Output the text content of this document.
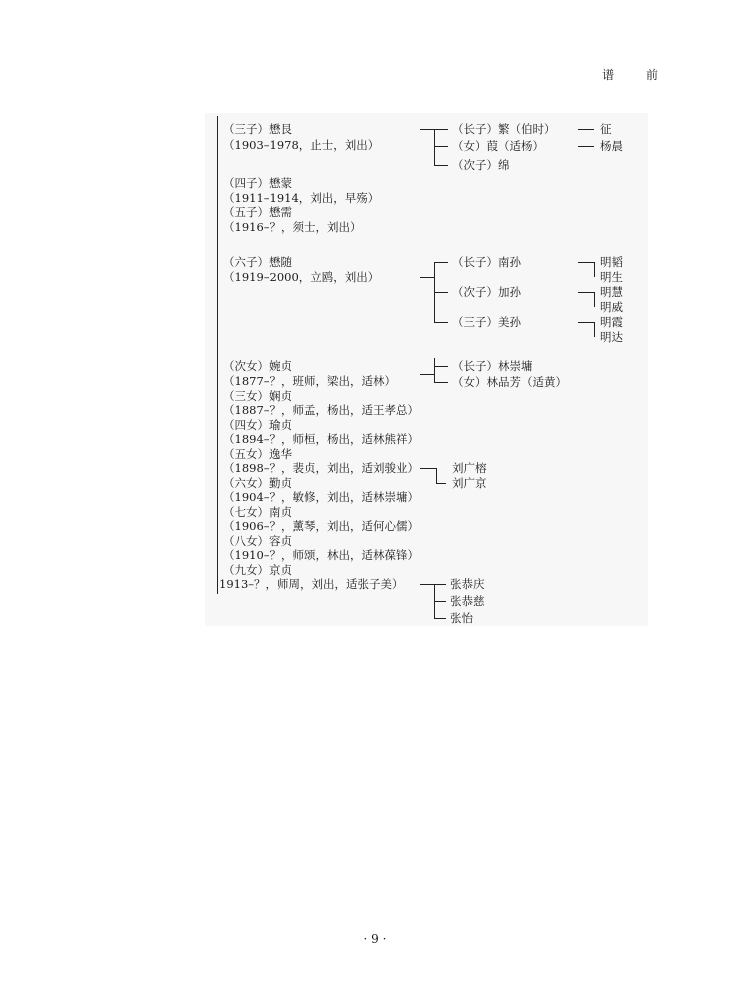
谱 前
（三子）懋艮
（1903–1978，止士，刘出）
（四子）懋蒙
（1911–1914，刘出，早殇）
（五子）懋需
（1916–？，须士，刘出）
（六子）懋随
（1919–2000，立鸥，刘出）
（次女）婉贞
（1877–？，班师，梁出，适林）
（三女）娴贞
（1887–？，师孟，杨出，适王孝总）
（四女）瑜贞
（1894–？，师桓，杨出，适林熊祥）
（五女）逸华
（1898–？，裴贞，刘出，适刘骏业）
（六女）勤贞
（1904–？，敏修，刘出，适林崇墉）
（七女）南贞
（1906–？，薰琴，刘出，适何心儒）
（八女）容贞
（1910–？，师颂，林出，适林葆锋）
（九女）京贞
1913–？，师周，刘出，适张子美）
（长子）繁（伯时）
（女）葭（适杨）
（次子）绵
征
杨晨
（长子）南孙
（次子）加孙
（三子）美孙
明韬
明生
明慧
明威
明霞
明达
（长子）林崇墉
（女）林品芳（适黄）
刘广榕
刘广京
张恭庆
张恭慈
张怡
· 9 ·
